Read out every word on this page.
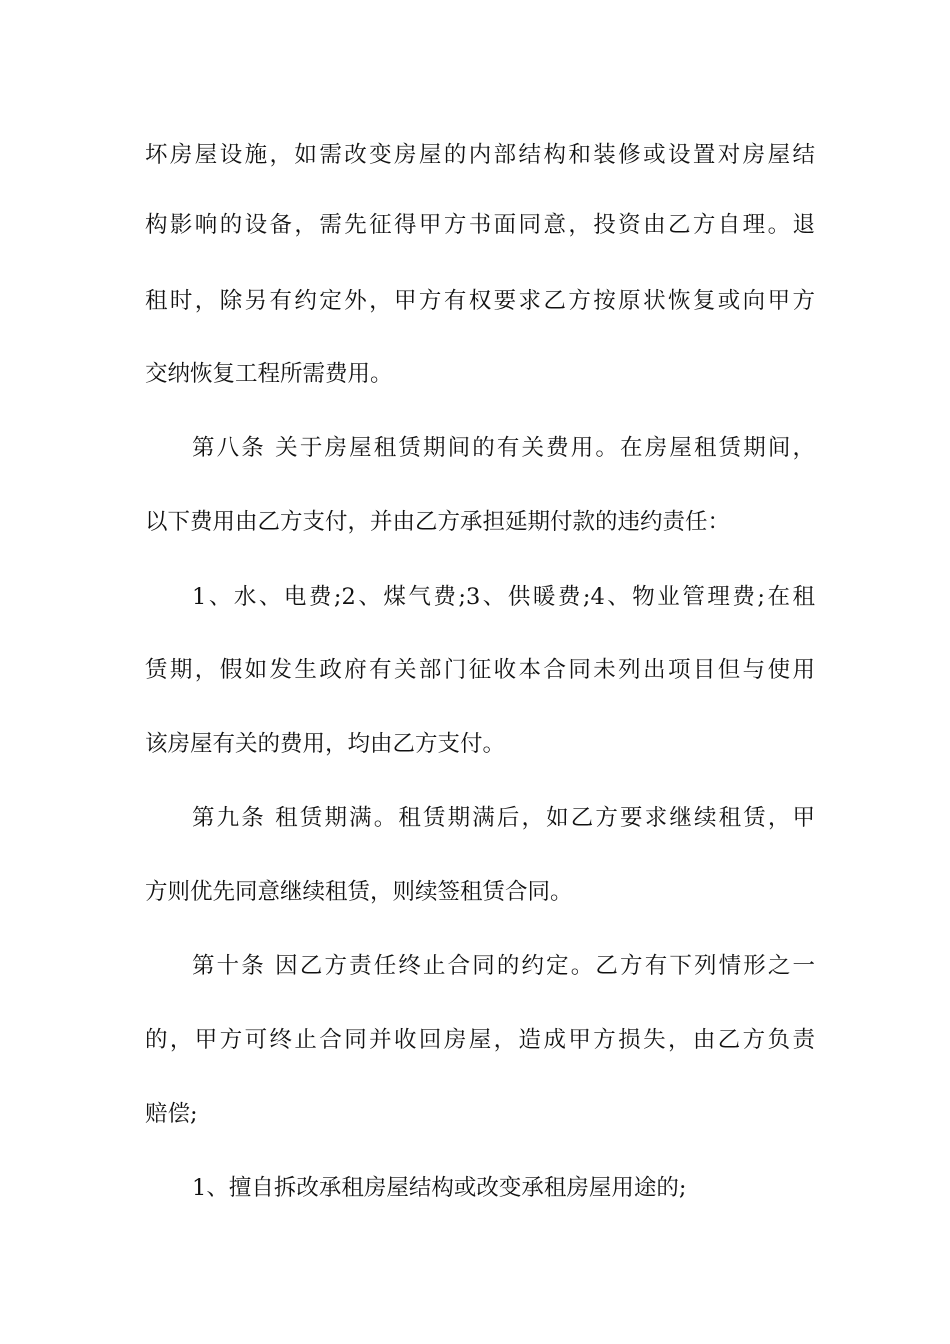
坏房屋设施，如需改变房屋的内部结构和装修或设置对房屋结

构影响的设备，需先征得甲方书面同意，投资由乙方自理。退

租时，除另有约定外，甲方有权要求乙方按原状恢复或向甲方

交纳恢复工程所需费用。

第八条 关于房屋租赁期间的有关费用。在房屋租赁期间，

以下费用由乙方支付，并由乙方承担延期付款的违约责任：

1、水、电费;2、煤气费;3、供暖费;4、物业管理费;在租

赁期，假如发生政府有关部门征收本合同未列出项目但与使用

该房屋有关的费用，均由乙方支付。

第九条 租赁期满。租赁期满后，如乙方要求继续租赁，甲

方则优先同意继续租赁，则续签租赁合同。

第十条 因乙方责任终止合同的约定。乙方有下列情形之一

的，甲方可终止合同并收回房屋，造成甲方损失，由乙方负责

赔偿;

1、擅自拆改承租房屋结构或改变承租房屋用途的;
